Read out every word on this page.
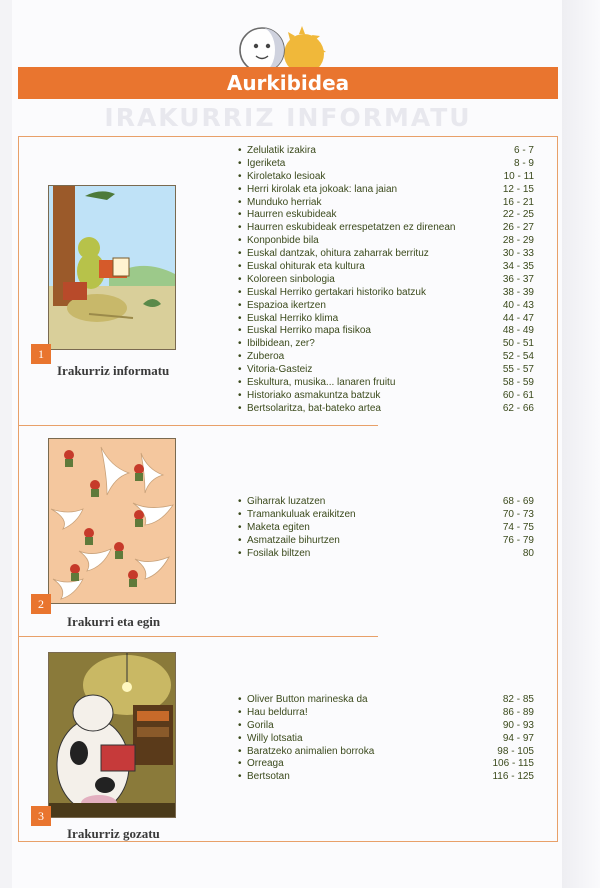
Aurkibidea
IRAKURRIZ INFORMATU
1
Irakurriz informatu
2
Irakurri eta egin
3
Irakurriz gozatu
• Zelulatik izakira	6 - 7
• Igeriketa	8 - 9
• Kiroletako lesioak	10 - 11
• Herri kirolak eta jokoak: lana jaian	12 - 15
• Munduko herriak	16 - 21
• Haurren eskubideak	22 - 25
• Haurren eskubideak errespetatzen ez direnean	26 - 27
• Konponbide bila	28 - 29
• Euskal dantzak, ohitura zaharrak berrituz	30 - 33
• Euskal ohiturak eta kultura	34 - 35
• Koloreen sinbologia	36 - 37
• Euskal Herriko gertakari historiko batzuk	38 - 39
• Espazioa ikertzen	40 - 43
• Euskal Herriko klima	44 - 47
• Euskal Herriko mapa fisikoa	48 - 49
• Ibilbidean, zer?	50 - 51
• Zuberoa	52 - 54
• Vitoria-Gasteiz	55 - 57
• Eskultura, musika... lanaren fruitu	58 - 59
• Historiako asmakuntza batzuk	60 - 61
• Bertsolaritza, bat-bateko artea	62 - 66
• Giharrak luzatzen	68 - 69
• Tramankuluak eraikitzen	70 - 73
• Maketa egiten	74 - 75
• Asmatzaile bihurtzen	76 - 79
• Fosilak biltzen	80
• Oliver Button marineska da	82 - 85
• Hau beldurra!	86 - 89
• Gorila	90 - 93
• Willy lotsatia	94 - 97
• Baratzeko animalien borroka	98 - 105
• Orreaga	106 - 115
• Bertsotan	116 - 125
